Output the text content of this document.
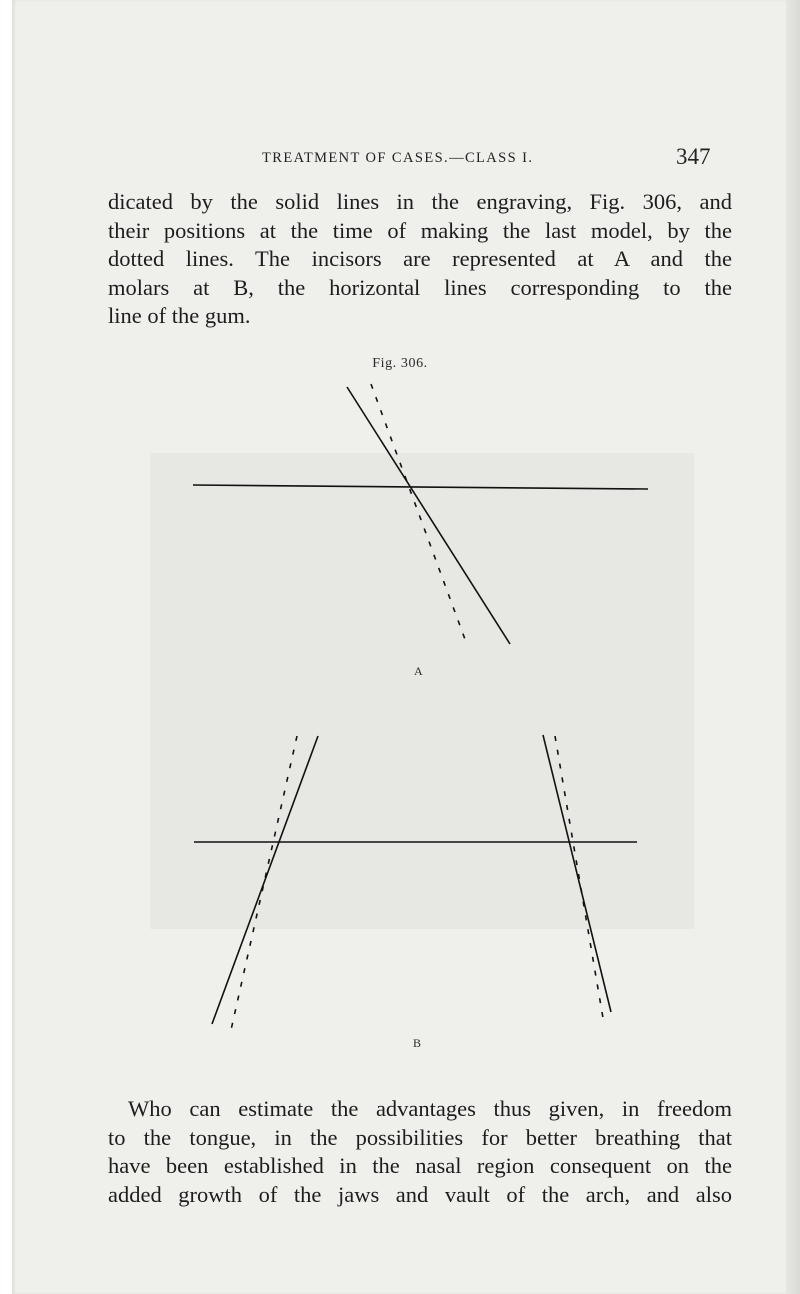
TREATMENT OF CASES.—CLASS I.	347
dicated by the solid lines in the engraving, Fig. 306, and
their positions at the time of making the last model, by the
dotted lines. The incisors are represented at A and the
molars at B, the horizontal lines corresponding to the
line of the gum.
Fig. 306.
A
B
Who can estimate the advantages thus given, in freedom
to the tongue, in the possibilities for better breathing that
have been established in the nasal region consequent on the
added growth of the jaws and vault of the arch, and also
